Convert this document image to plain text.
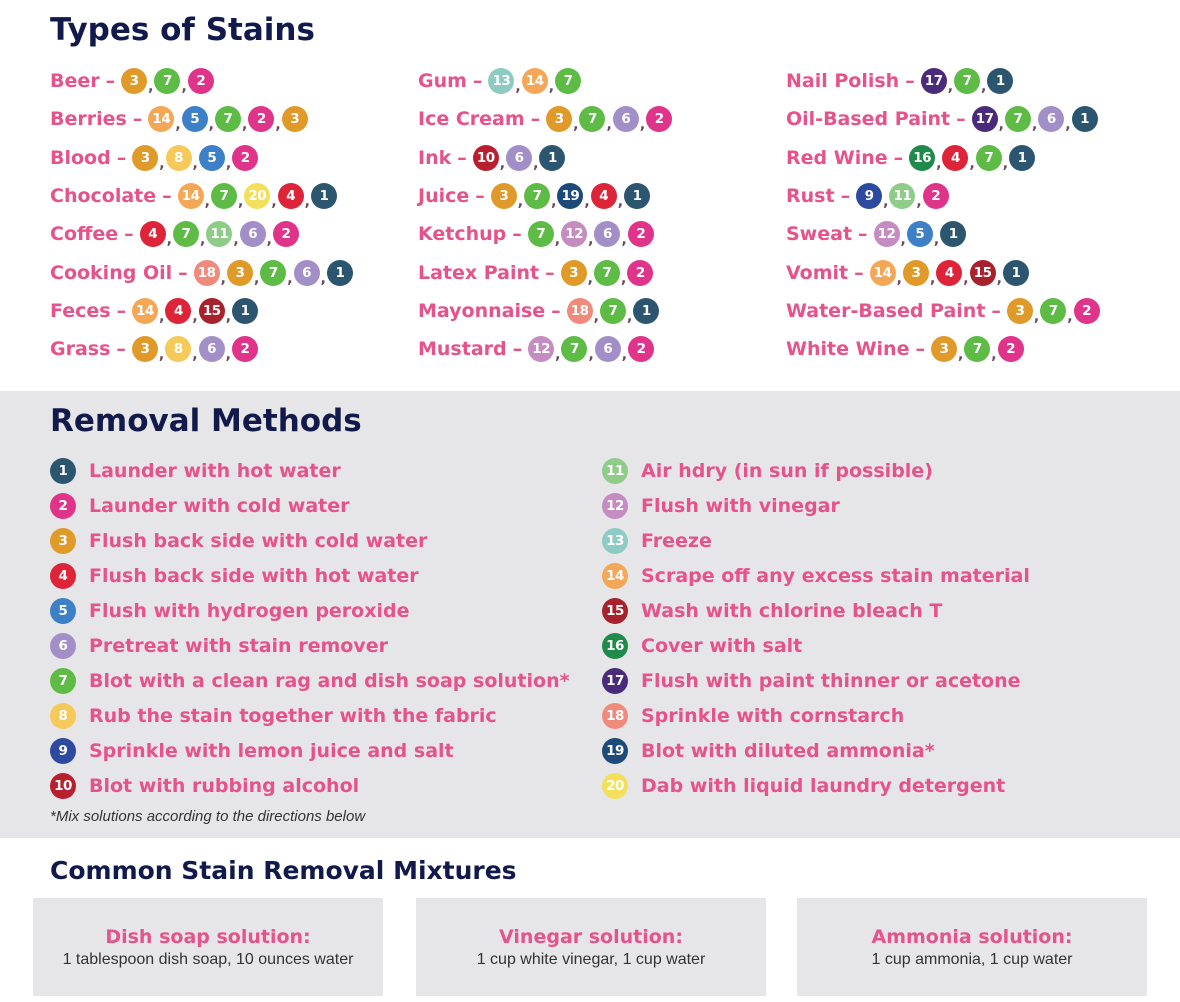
Types of Stains
Beer –	3 , 7 , 2
Berries – 14 , 5 , 7 , 2 , 3
Blood –	3 , 8 , 5 , 2
Chocolate – 14 , 7 , 20 , 4 , 1
Coffee –	4 , 7 , 11 , 6 , 2
Cooking Oil – 18 , 3 , 7 , 6 , 1
Feces – 14 , 4 , 15 , 1
Grass –	3 , 8 , 6 , 2
Gum – 13 , 14 , 7
Ice Cream –	3 , 7 , 6 , 2
Ink – 10 , 6 , 1
Juice –	3 , 7 , 19 , 4 , 1
Ketchup –	7 , 12 , 6 , 2
Latex Paint –	3 , 7 , 2
Mayonnaise – 18 , 7 , 1
Mustard – 12 , 7 , 6 , 2
Nail Polish – 17 , 7 , 1
Oil-Based Paint – 17 , 7 , 6 , 1
Red Wine – 16 , 4 , 7 , 1
Rust –	9 , 11 , 2
Sweat – 12 , 5 , 1
Vomit – 14 , 3 , 4 , 15 , 1
Water-Based Paint –	3 , 7 , 2
White Wine –	3 , 7 , 2
Removal Methods
1	Launder with hot water
2	Launder with cold water
3	Flush back side with cold water
4	Flush back side with hot water
5	Flush with hydrogen peroxide
6	Pretreat with stain remover
7	Blot with a clean rag and dish soap solution*
8	Rub the stain together with the fabric
9	Sprinkle with lemon juice and salt
10 Blot with rubbing alcohol
11 Air hdry (in sun if possible)
12 Flush with vinegar
13 Freeze
14 Scrape off any excess stain material
15 Wash with chlorine bleach T
16 Cover with salt
17 Flush with paint thinner or acetone
18 Sprinkle with cornstarch
19 Blot with diluted ammonia*
20 Dab with liquid laundry detergent

*Mix solutions according to the directions below

Common Stain Removal Mixtures

Dish soap solution:

1 tablespoon dish soap, 10 ounces water

Vinegar solution:

1 cup white vinegar, 1 cup water

Ammonia solution:

1 cup ammonia, 1 cup water
